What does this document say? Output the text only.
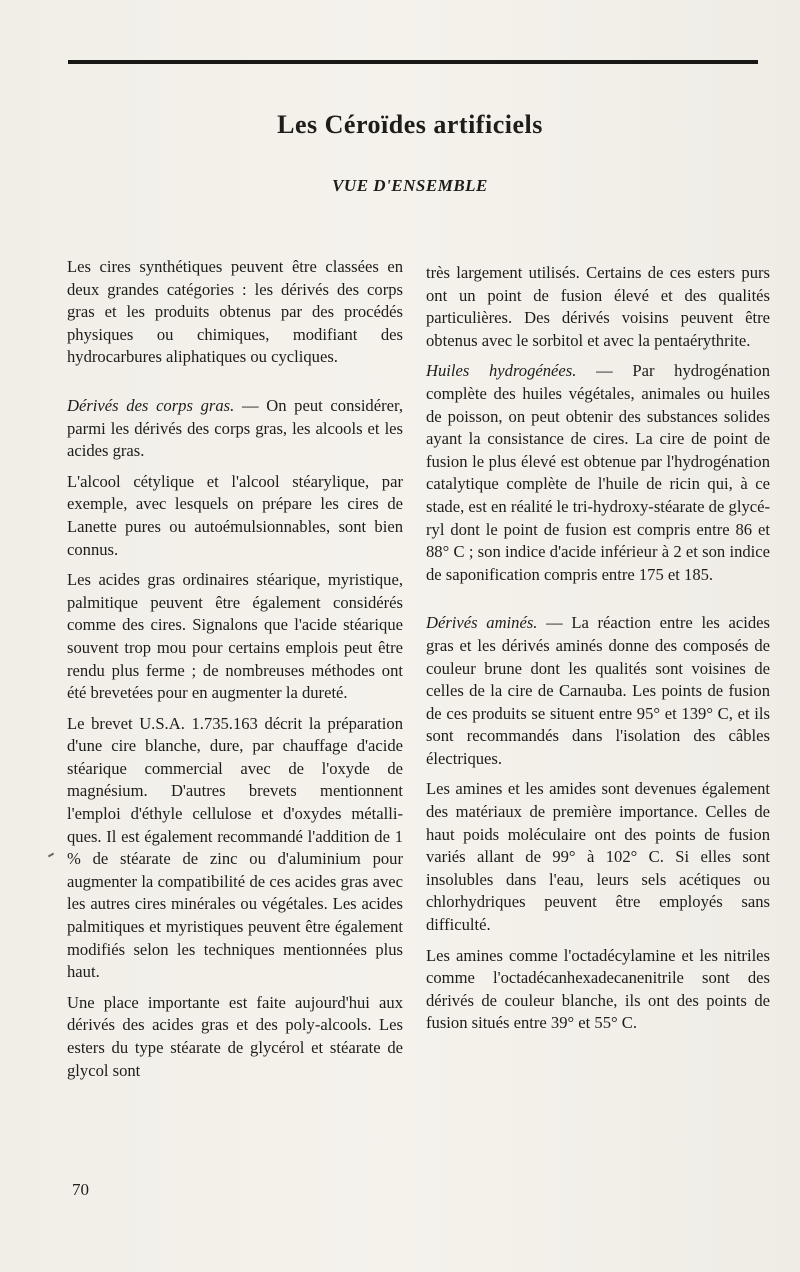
Les Céroïdes artificiels
VUE D'ENSEMBLE

Les cires synthétiques peuvent être classées en deux grandes catégories : les dérivés des corps gras et les produits obtenus par des procédés physiques ou chimiques, modifiant des hydrocarbures aliphatiques ou cycliques.

Dérivés des corps gras. — On peut considérer, parmi les dérivés des corps gras, les alcools et les acides gras.

L'alcool cétylique et l'alcool stéarylique, par exemple, avec lesquels on prépare les cires de Lanette pures ou autoémulsionnables, sont bien connus.

Les acides gras ordinaires stéarique, myristique, palmitique peuvent être également considérés comme des cires. Signalons que l'acide stéarique souvent trop mou pour certains emplois peut être rendu plus ferme ; de nombreuses méthodes ont été brevetées pour en augmenter la dureté.

Le brevet U.S.A. 1.735.163 décrit la préparation d'une cire blanche, dure, par chauffage d'acide stéarique commercial avec de l'oxyde de magnésium. D'autres brevets mentionnent l'emploi d'éthyle cellulose et d'oxydes métalliques. Il est également recommandé l'addition de 1 % de stéarate de zinc ou d'aluminium pour augmenter la compatibilité de ces acides gras avec les autres cires minérales ou végétales. Les acides palmitiques et myristiques peuvent être également modifiés selon les techniques mentionnées plus haut.

Une place importante est faite aujourd'hui aux dérivés des acides gras et des poly-alcools. Les esters du type stéarate de glycérol et stéarate de glycol sont

très largement utilisés. Certains de ces esters purs ont un point de fusion élevé et des qualités particulières. Des dérivés voisins peuvent être obtenus avec le sorbitol et avec la pentaérythrite.

Huiles hydrogénées. — Par hydrogénation complète des huiles végétales, animales ou huiles de poisson, on peut obtenir des substances solides ayant la consistance de cires. La cire de point de fusion le plus élevé est obtenue par l'hydrogénation catalytique complète de l'huile de ricin qui, à ce stade, est en réalité le tri-hydroxy-stéarate de glycéryl dont le point de fusion est compris entre 86 et 88° C ; son indice d'acide inférieur à 2 et son indice de saponification compris entre 175 et 185.

Dérivés aminés. — La réaction entre les acides gras et les dérivés aminés donne des composés de couleur brune dont les qualités sont voisines de celles de la cire de Carnauba. Les points de fusion de ces produits se situent entre 95° et 139° C, et ils sont recommandés dans l'isolation des câbles électriques.

Les amines et les amides sont devenues également des matériaux de première importance. Celles de haut poids moléculaire ont des points de fusion variés allant de 99° à 102° C. Si elles sont insolubles dans l'eau, leurs sels acétiques ou chlorhydriques peuvent être employés sans difficulté.

Les amines comme l'octadécylamine et les nitriles comme l'octadécanhexadecanenitrile sont des dérivés de couleur blanche, ils ont des points de fusion situés entre 39° et 55° C.

70
